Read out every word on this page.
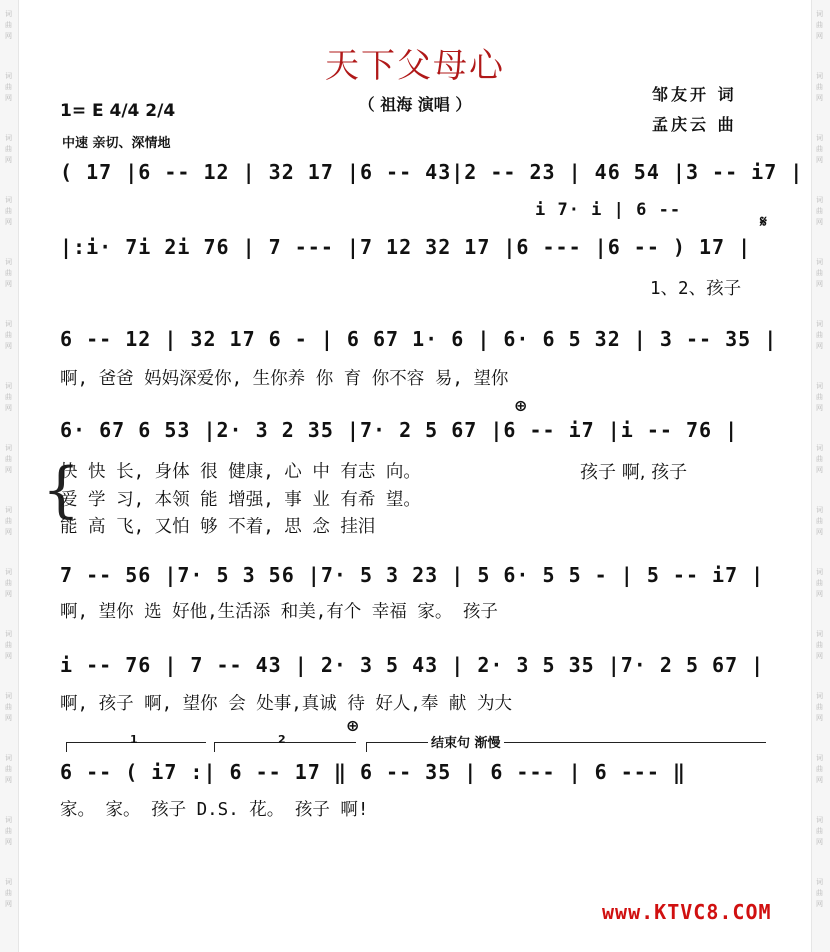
词
曲
网
词
曲
网
词
曲
网
词
曲
网
词
曲
网
词
曲
网
词
曲
网
词
曲
网
词
曲
网
词
曲
网
词
曲
网
词
曲
网
词
曲
网
词
曲
网
词
曲
网
词
曲
网
词
曲
网
词
曲
网
词
曲
网
词
曲
网
词
曲
网
词
曲
网
词
曲
网
词
曲
网
词
曲
网
词
曲
网
词
曲
网
词
曲
网
词
曲
网
词
曲
网
天下父母心
（ 祖海 演唱 ）
1= E 4/4 2/4
中速 亲切、深情地
邹友开 词
孟庆云 曲
i 7· i | 6 --
𝄋
( 17 |6 -- 12 | 32 17 |6 -- 43|2 -- 23 | 46 54 |3 -- i7 |
|:i· 7i 2i 76 | 7 --- |7 12 32 17 |6 --- |6 -- ) 17 |
1、2、孩子
6 -- 12 | 32 17 6 - | 6 67 1· 6 | 6· 6 5 32 | 3 -- 35 |
啊, 爸爸 妈妈深爱你, 生你养 你 育 你不容 易, 望你
⊕
6· 67 6 53 |2· 3 2 35 |7· 2 5 67 |6 -- i7 |i -- 76 |
{
快 快 长, 身体 很 健康, 心 中 有志 向。
爱 学 习, 本领 能 增强, 事 业 有希 望。
能 高 飞, 又怕 够 不着, 思 念 挂泪
孩子 啊, 孩子
7 -- 56 |7· 5 3 56 |7· 5 3 23 | 5 6· 5 5 - | 5 -- i7 |
啊, 望你 选 好他,生活添 和美,有个 幸福 家。 孩子
i -- 76 | 7 -- 43 | 2· 3 5 43 | 2· 3 5 35 |7· 2 5 67 |
啊, 孩子 啊, 望你 会 处事,真诚 待 好人,奉 献 为大
1	2
⊕
结束句 渐慢
6 -- ( i7 :| 6 -- 17 ‖ 6 -- 35 | 6 --- | 6 --- ‖
家。 家。 孩子 D.S. 花。 孩子 啊!
www.KTVC8.COM
